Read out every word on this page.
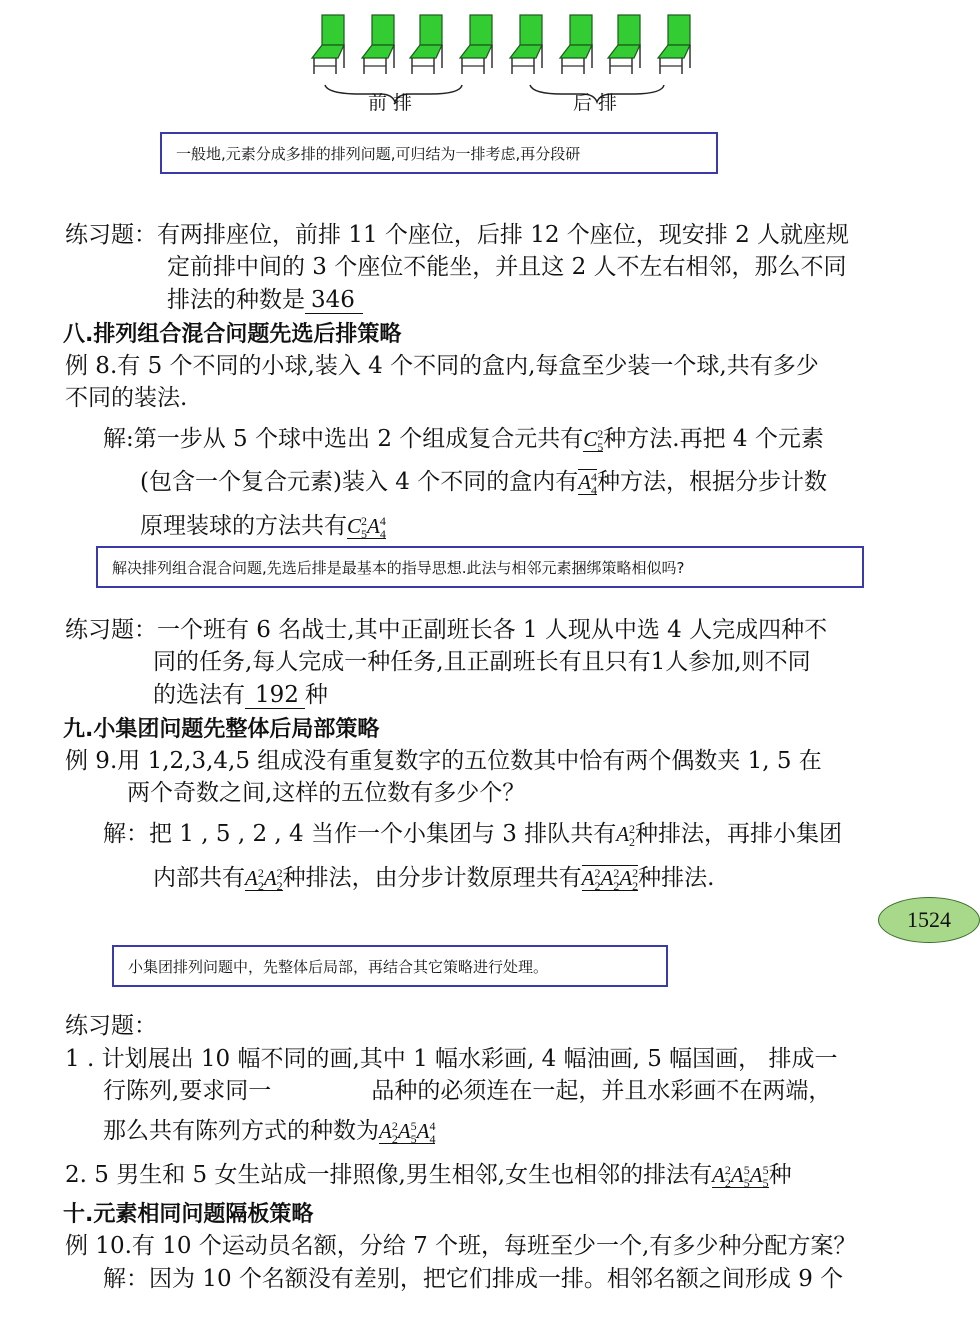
前 排	后 排
一般地,元素分成多排的排列问题,可归结为一排考虑,再分段研
练习题：有两排座位，前排 11 个座位，后排 12 个座位，现安排 2 人就座规
定前排中间的 3 个座位不能坐，并且这 2 人不左右相邻，那么不同
排法的种数是 346
八.排列组合混合问题先选后排策略
例 8.有 5 个不同的小球,装入 4 个不同的盒内,每盒至少装一个球,共有多少
不同的装法.
解:第一步从 5 个球中选出 2 个组成复合元共有$C^2_5$种方法.再把 4 个元素
(包含一个复合元素)装入 4 个不同的盒内有$A^4_4$种方法，根据分步计数
原理装球的方法共有$C^2_5A^4_4$
解决排列组合混合问题,先选后排是最基本的指导思想.此法与相邻元素捆绑策略相似吗?
练习题：一个班有 6 名战士,其中正副班长各 1 人现从中选 4 人完成四种不
同的任务,每人完成一种任务,且正副班长有且只有1人参加,则不同
的选法有 192 种
九.小集团问题先整体后局部策略
例 9.用 1,2,3,4,5 组成没有重复数字的五位数其中恰有两个偶数夹 1, 5 在
两个奇数之间,这样的五位数有多少个？
解：把 1 , 5 , 2 , 4 当作一个小集团与 3 排队共有$A^2_2$种排法，再排小集团
内部共有$A^2_2A^2_2$种排法，由分步计数原理共有$A^2_2A^2_2A^2_2$种排法.
1524
小集团排列问题中，先整体后局部，再结合其它策略进行处理。
练习题：
1 . 计划展出 10 幅不同的画,其中 1 幅水彩画, 4 幅油画, 5 幅国画， 排成一
行陈列,要求同一	品种的必须连在一起，并且水彩画不在两端，
那么共有陈列方式的种数为$A^2_2A^5_5A^4_4$
2. 5 男生和 5 女生站成一排照像,男生相邻,女生也相邻的排法有$A^2_2A^5_5A^5_5$种
十.元素相同问题隔板策略
例 10.有 10 个运动员名额，分给 7 个班，每班至少一个,有多少种分配方案？
解：因为 10 个名额没有差别，把它们排成一排。相邻名额之间形成 9 个
